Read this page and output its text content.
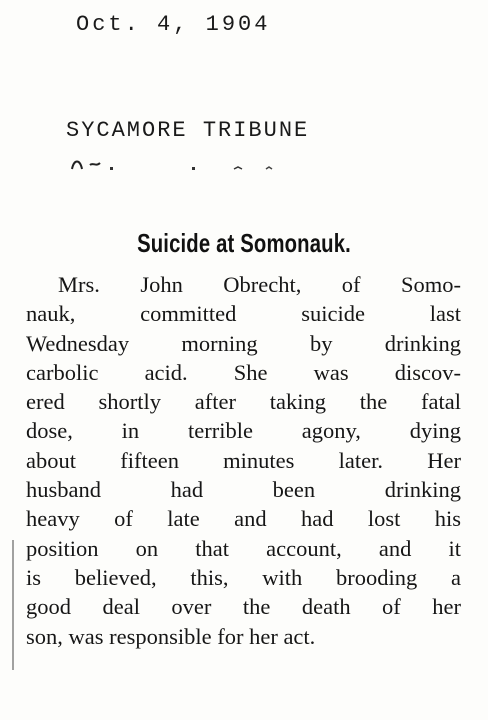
Oct. 4, 1904
SYCAMORE TRIBUNE
Suicide at Somonauk.
Mrs. John Obrecht, of Somo-
nauk, committed suicide last
Wednesday morning by drinking
carbolic acid. She was discov-
ered shortly after taking the fatal
dose, in terrible agony, dying
about fifteen minutes later. Her
husband had been drinking
heavy of late and had lost his
position on that account, and it
is believed, this, with brooding a
good deal over the death of her
son, was responsible for her act.
